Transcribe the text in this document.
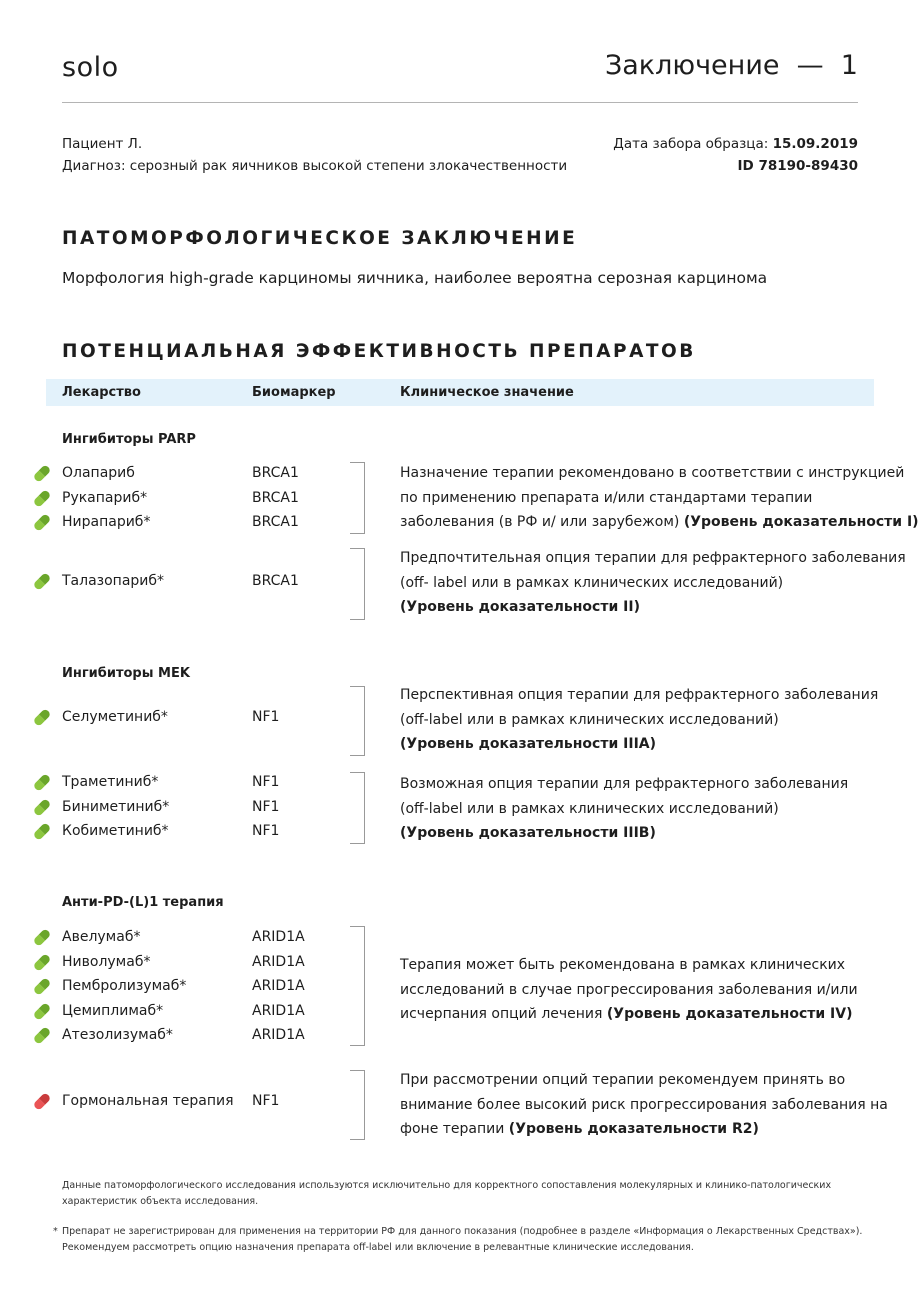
solo	Заключение  —  1
Пациент Л.
Диагноз: серозный рак яичников высокой степени злокачественности
Дата забора образца: 15.09.2019
ID 78190-89430
ПАТОМОРФОЛОГИЧЕСКОЕ ЗАКЛЮЧЕНИЕ
Морфология high-grade карциномы яичника, наиболее вероятна серозная карцинома
ПОТЕНЦИАЛЬНАЯ ЭФФЕКТИВНОСТЬ ПРЕПАРАТОВ
Лекарство	Биомаркер	Клиническое значение
Ингибиторы PARP
Олапариб	BRCA1
Рукапариб*	BRCA1
Нирапариб*	BRCA1
Назначение терапии рекомендовано в соответствии с инструкцией
по применению препарата и/или стандартами терапии
заболевания (в РФ и/ или зарубежом) (Уровень доказательности I)
Талазопариб*	BRCA1
Предпочтительная опция терапии для рефрактерного заболевания
(off- label или в рамках клинических исследований)
(Уровень доказательности II)
Ингибиторы MEK
Селуметиниб*	NF1
Перспективная опция терапии для рефрактерного заболевания
(off-label или в рамках клинических исследований)
(Уровень доказательности IIIA)
Траметиниб*	NF1
Биниметиниб*	NF1
Кобиметиниб*	NF1
Возможная опция терапии для рефрактерного заболевания
(off-label или в рамках клинических исследований)
(Уровень доказательности IIIB)
Анти-PD-(L)1 терапия
Авелумаб*	ARID1A
Ниволумаб*	ARID1A
Пембролизумаб*	ARID1A
Цемиплимаб*	ARID1A
Атезолизумаб*	ARID1A
Терапия может быть рекомендована в рамках клинических
исследований в случае прогрессирования заболевания и/или
исчерпания опций лечения (Уровень доказательности IV)
Гормональная терапия NF1
При рассмотрении опций терапии рекомендуем принять во
внимание более высокий риск прогрессирования заболевания на
фоне терапии (Уровень доказательности R2)
Данные патоморфологического исследования используются исключительно для корректного сопоставления молекулярных и клинико-патологических
характеристик объекта исследования.
* Препарат не зарегистрирован для применения на территории РФ для данного показания (подробнее в разделе «Информация о Лекарственных Средствах»).
Рекомендуем рассмотреть опцию назначения препарата off-label или включение в релевантные клинические исследования.
